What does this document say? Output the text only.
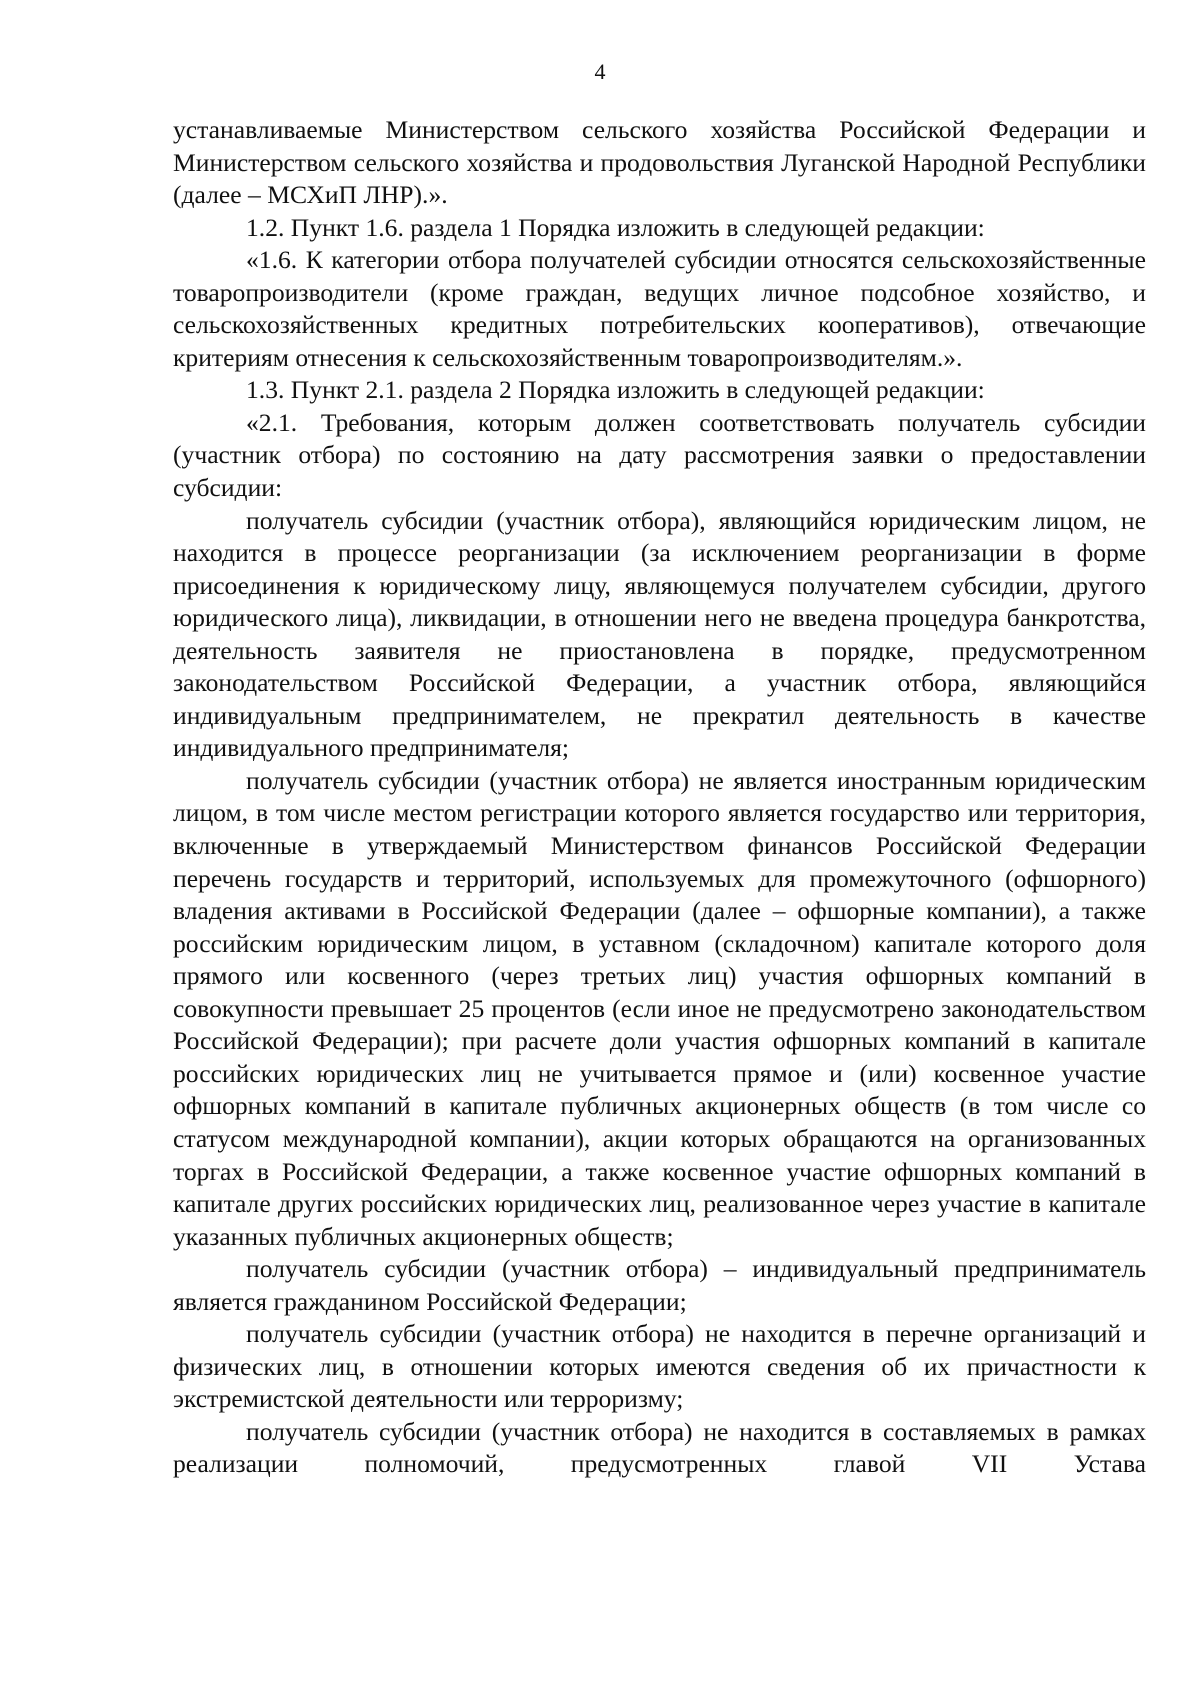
4

устанавливаемые Министерством сельского хозяйства Российской Федерации и Министерством сельского хозяйства и продовольствия Луганской Народной Республики (далее – МСХиП ЛНР).».

1.2. Пункт 1.6. раздела 1 Порядка изложить в следующей редакции:

«1.6. К категории отбора получателей субсидии относятся сельскохозяйственные товаропроизводители (кроме граждан, ведущих личное подсобное хозяйство, и сельскохозяйственных кредитных потребительских кооперативов), отвечающие критериям отнесения к сельскохозяйственным товаропроизводителям.».

1.3. Пункт 2.1. раздела 2 Порядка изложить в следующей редакции:

«2.1. Требования, которым должен соответствовать получатель субсидии (участник отбора) по состоянию на дату рассмотрения заявки о предоставлении субсидии:

получатель субсидии (участник отбора), являющийся юридическим лицом, не находится в процессе реорганизации (за исключением реорганизации в форме присоединения к юридическому лицу, являющемуся получателем субсидии, другого юридического лица), ликвидации, в отношении него не введена процедура банкротства, деятельность заявителя не приостановлена в порядке, предусмотренном законодательством Российской Федерации, а участник отбора, являющийся индивидуальным предпринимателем, не прекратил деятельность в качестве индивидуального предпринимателя;

получатель субсидии (участник отбора) не является иностранным юридическим лицом, в том числе местом регистрации которого является государство или территория, включенные в утверждаемый Министерством финансов Российской Федерации перечень государств и территорий, используемых для промежуточного (офшорного) владения активами в Российской Федерации (далее – офшорные компании), а также российским юридическим лицом, в уставном (складочном) капитале которого доля прямого или косвенного (через третьих лиц) участия офшорных компаний в совокупности превышает 25 процентов (если иное не предусмотрено законодательством Российской Федерации); при расчете доли участия офшорных компаний в капитале российских юридических лиц не учитывается прямое и (или) косвенное участие офшорных компаний в капитале публичных акционерных обществ (в том числе со статусом международной компании), акции которых обращаются на организованных торгах в Российской Федерации, а также косвенное участие офшорных компаний в капитале других российских юридических лиц, реализованное через участие в капитале указанных публичных акционерных обществ;

получатель субсидии (участник отбора) – индивидуальный предприниматель является гражданином Российской Федерации;

получатель субсидии (участник отбора) не находится в перечне организаций и физических лиц, в отношении которых имеются сведения об их причастности к экстремистской деятельности или терроризму;

получатель субсидии (участник отбора) не находится в составляемых в рамках реализации полномочий, предусмотренных главой VII Устава
